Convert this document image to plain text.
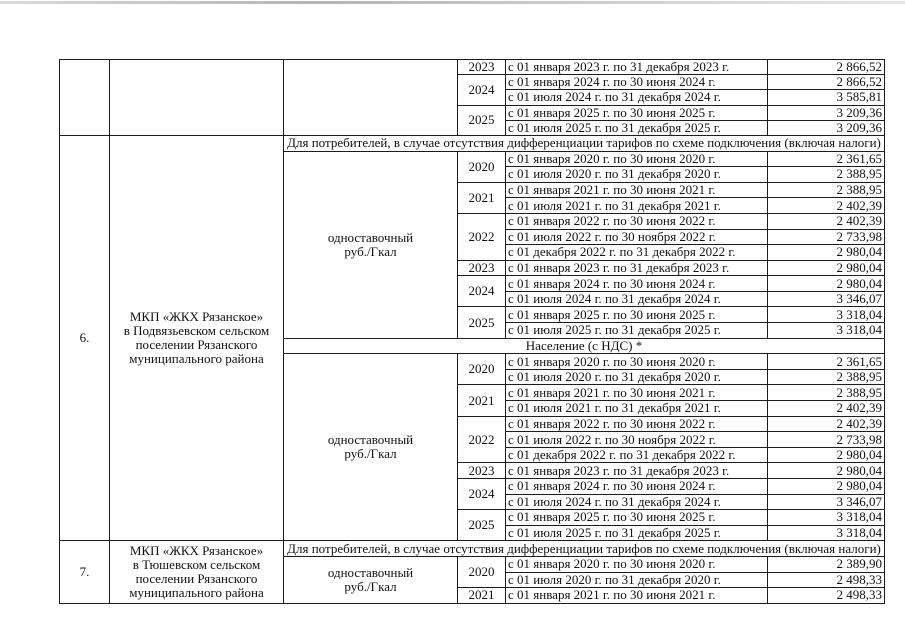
			2023	с 01 января 2023 г. по 31 декабря 2023 г.	2 866,52
			2024	с 01 января 2024 г. по 30 июня 2024 г.	2 866,52
				с 01 июля 2024 г. по 31 декабря 2024 г.	3 585,81
			2025	с 01 января 2025 г. по 30 июня 2025 г.	3 209,36
				с 01 июля 2025 г. по 31 декабря 2025 г.	3 209,36
6.	МКП «ЖКХ Рязанское»
в Подвязьевском сельском
поселении Рязанского
муниципального района	Для потребителей, в случае отсутствия дифференциации тарифов по схеме подключения (включая налоги)			

		одноставочный
руб./Гкал	2020	с 01 января 2020 г. по 30 июня 2020 г.	2 361,65
				с 01 июля 2020 г. по 31 декабря 2020 г.	2 388,95
			2021	с 01 января 2021 г. по 30 июня 2021 г.	2 388,95
				с 01 июля 2021 г. по 31 декабря 2021 г.	2 402,39
			2022	с 01 января 2022 г. по 30 июня 2022 г.	2 402,39
				с 01 июля 2022 г. по 30 ноября 2022 г.	2 733,98
				с 01 декабря 2022 г. по 31 декабря 2022 г.	2 980,04
			2023	с 01 января 2023 г. по 31 декабря 2023 г.	2 980,04
			2024	с 01 января 2024 г. по 30 июня 2024 г.	2 980,04
				с 01 июля 2024 г. по 31 декабря 2024 г.	3 346,07
			2025	с 01 января 2025 г. по 30 июня 2025 г.	3 318,04
				с 01 июля 2025 г. по 31 декабря 2025 г.	3 318,04
		Население (с НДС) *			

		одноставочный
руб./Гкал	2020	с 01 января 2020 г. по 30 июня 2020 г.	2 361,65
				с 01 июля 2020 г. по 31 декабря 2020 г.	2 388,95
			2021	с 01 января 2021 г. по 30 июня 2021 г.	2 388,95
				с 01 июля 2021 г. по 31 декабря 2021 г.	2 402,39
			2022	с 01 января 2022 г. по 30 июня 2022 г.	2 402,39
				с 01 июля 2022 г. по 30 ноября 2022 г.	2 733,98
				с 01 декабря 2022 г. по 31 декабря 2022 г.	2 980,04
			2023	с 01 января 2023 г. по 31 декабря 2023 г.	2 980,04
			2024	с 01 января 2024 г. по 30 июня 2024 г.	2 980,04
				с 01 июля 2024 г. по 31 декабря 2024 г.	3 346,07
			2025	с 01 января 2025 г. по 30 июня 2025 г.	3 318,04
				с 01 июля 2025 г. по 31 декабря 2025 г.	3 318,04
7.	МКП «ЖКХ Рязанское»
в Тюшевском сельском
поселении Рязанского
муниципального района	Для потребителей, в случае отсутствия дифференциации тарифов по схеме подключения (включая налоги)			

		одноставочный
руб./Гкал	2020	с 01 января 2020 г. по 30 июня 2020 г.	2 389,90
				с 01 июля 2020 г. по 31 декабря 2020 г.	2 498,33
			2021	с 01 января 2021 г. по 30 июня 2021 г.	2 498,33
